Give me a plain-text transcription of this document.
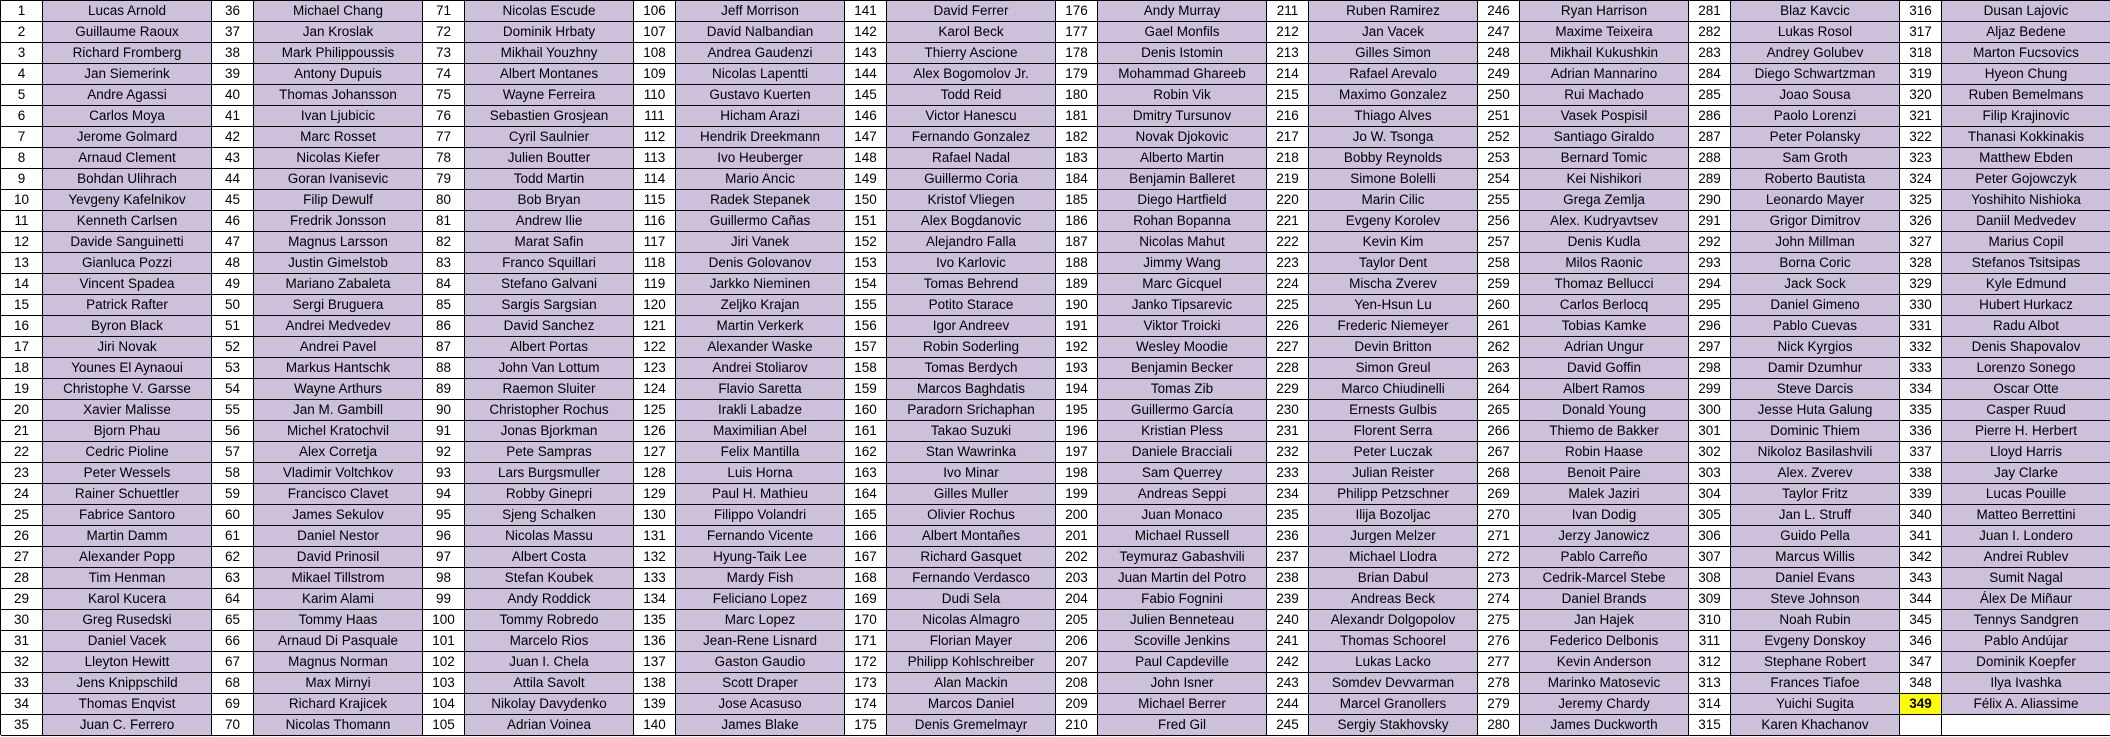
1	Lucas Arnold	36	Michael Chang	71	Nicolas Escude	106	Jeff Morrison	141	David Ferrer	176	Andy Murray	211	Ruben Ramirez	246	Ryan Harrison	281	Blaz Kavcic	316	Dusan Lajovic
2	Guillaume Raoux	37	Jan Kroslak	72	Dominik Hrbaty	107	David Nalbandian	142	Karol Beck	177	Gael Monfils	212	Jan Vacek	247	Maxime Teixeira	282	Lukas Rosol	317	Aljaz Bedene
3	Richard Fromberg	38	Mark Philippoussis	73	Mikhail Youzhny	108	Andrea Gaudenzi	143	Thierry Ascione	178	Denis Istomin	213	Gilles Simon	248	Mikhail Kukushkin	283	Andrey Golubev	318	Marton Fucsovics
4	Jan Siemerink	39	Antony Dupuis	74	Albert Montanes	109	Nicolas Lapentti	144	Alex Bogomolov Jr.	179	Mohammad Ghareeb	214	Rafael Arevalo	249	Adrian Mannarino	284	Diego Schwartzman	319	Hyeon Chung
5	Andre Agassi	40	Thomas Johansson	75	Wayne Ferreira	110	Gustavo Kuerten	145	Todd Reid	180	Robin Vik	215	Maximo Gonzalez	250	Rui Machado	285	Joao Sousa	320	Ruben Bemelmans
6	Carlos Moya	41	Ivan Ljubicic	76	Sebastien Grosjean	111	Hicham Arazi	146	Victor Hanescu	181	Dmitry Tursunov	216	Thiago Alves	251	Vasek Pospisil	286	Paolo Lorenzi	321	Filip Krajinovic
7	Jerome Golmard	42	Marc Rosset	77	Cyril Saulnier	112	Hendrik Dreekmann	147	Fernando Gonzalez	182	Novak Djokovic	217	Jo W. Tsonga	252	Santiago Giraldo	287	Peter Polansky	322	Thanasi Kokkinakis
8	Arnaud Clement	43	Nicolas Kiefer	78	Julien Boutter	113	Ivo Heuberger	148	Rafael Nadal	183	Alberto Martin	218	Bobby Reynolds	253	Bernard Tomic	288	Sam Groth	323	Matthew Ebden
9	Bohdan Ulihrach	44	Goran Ivanisevic	79	Todd Martin	114	Mario Ancic	149	Guillermo Coria	184	Benjamin Balleret	219	Simone Bolelli	254	Kei Nishikori	289	Roberto Bautista	324	Peter Gojowczyk
10	Yevgeny Kafelnikov	45	Filip Dewulf	80	Bob Bryan	115	Radek Stepanek	150	Kristof Vliegen	185	Diego Hartfield	220	Marin Cilic	255	Grega Zemlja	290	Leonardo Mayer	325	Yoshihito Nishioka
11	Kenneth Carlsen	46	Fredrik Jonsson	81	Andrew Ilie	116	Guillermo Cañas	151	Alex Bogdanovic	186	Rohan Bopanna	221	Evgeny Korolev	256	Alex. Kudryavtsev	291	Grigor Dimitrov	326	Daniil Medvedev
12	Davide Sanguinetti	47	Magnus Larsson	82	Marat Safin	117	Jiri Vanek	152	Alejandro Falla	187	Nicolas Mahut	222	Kevin Kim	257	Denis Kudla	292	John Millman	327	Marius Copil
13	Gianluca Pozzi	48	Justin Gimelstob	83	Franco Squillari	118	Denis Golovanov	153	Ivo Karlovic	188	Jimmy Wang	223	Taylor Dent	258	Milos Raonic	293	Borna Coric	328	Stefanos Tsitsipas
14	Vincent Spadea	49	Mariano Zabaleta	84	Stefano Galvani	119	Jarkko Nieminen	154	Tomas Behrend	189	Marc Gicquel	224	Mischa Zverev	259	Thomaz Bellucci	294	Jack Sock	329	Kyle Edmund
15	Patrick Rafter	50	Sergi Bruguera	85	Sargis Sargsian	120	Zeljko Krajan	155	Potito Starace	190	Janko Tipsarevic	225	Yen-Hsun Lu	260	Carlos Berlocq	295	Daniel Gimeno	330	Hubert Hurkacz
16	Byron Black	51	Andrei Medvedev	86	David Sanchez	121	Martin Verkerk	156	Igor Andreev	191	Viktor Troicki	226	Frederic Niemeyer	261	Tobias Kamke	296	Pablo Cuevas	331	Radu Albot
17	Jiri Novak	52	Andrei Pavel	87	Albert Portas	122	Alexander Waske	157	Robin Soderling	192	Wesley Moodie	227	Devin Britton	262	Adrian Ungur	297	Nick Kyrgios	332	Denis Shapovalov
18	Younes El Aynaoui	53	Markus Hantschk	88	John Van Lottum	123	Andrei Stoliarov	158	Tomas Berdych	193	Benjamin Becker	228	Simon Greul	263	David Goffin	298	Damir Dzumhur	333	Lorenzo Sonego
19	Christophe V. Garsse	54	Wayne Arthurs	89	Raemon Sluiter	124	Flavio Saretta	159	Marcos Baghdatis	194	Tomas Zib	229	Marco Chiudinelli	264	Albert Ramos	299	Steve Darcis	334	Oscar Otte
20	Xavier Malisse	55	Jan M. Gambill	90	Christopher Rochus	125	Irakli Labadze	160	Paradorn Srichaphan	195	Guillermo García	230	Ernests Gulbis	265	Donald Young	300	Jesse Huta Galung	335	Casper Ruud
21	Bjorn Phau	56	Michel Kratochvil	91	Jonas Bjorkman	126	Maximilian Abel	161	Takao Suzuki	196	Kristian Pless	231	Florent Serra	266	Thiemo de Bakker	301	Dominic Thiem	336	Pierre H. Herbert
22	Cedric Pioline	57	Alex Corretja	92	Pete Sampras	127	Felix Mantilla	162	Stan Wawrinka	197	Daniele Bracciali	232	Peter Luczak	267	Robin Haase	302	Nikoloz Basilashvili	337	Lloyd Harris
23	Peter Wessels	58	Vladimir Voltchkov	93	Lars Burgsmuller	128	Luis Horna	163	Ivo Minar	198	Sam Querrey	233	Julian Reister	268	Benoit Paire	303	Alex. Zverev	338	Jay Clarke
24	Rainer Schuettler	59	Francisco Clavet	94	Robby Ginepri	129	Paul H. Mathieu	164	Gilles Muller	199	Andreas Seppi	234	Philipp Petzschner	269	Malek Jaziri	304	Taylor Fritz	339	Lucas Pouille
25	Fabrice Santoro	60	James Sekulov	95	Sjeng Schalken	130	Filippo Volandri	165	Olivier Rochus	200	Juan Monaco	235	Ilija Bozoljac	270	Ivan Dodig	305	Jan L. Struff	340	Matteo Berrettini
26	Martin Damm	61	Daniel Nestor	96	Nicolas Massu	131	Fernando Vicente	166	Albert Montañes	201	Michael Russell	236	Jurgen Melzer	271	Jerzy Janowicz	306	Guido Pella	341	Juan I. Londero
27	Alexander Popp	62	David Prinosil	97	Albert Costa	132	Hyung-Taik Lee	167	Richard Gasquet	202	Teymuraz Gabashvili	237	Michael Llodra	272	Pablo Carreño	307	Marcus Willis	342	Andrei Rublev
28	Tim Henman	63	Mikael Tillstrom	98	Stefan Koubek	133	Mardy Fish	168	Fernando Verdasco	203	Juan Martin del Potro	238	Brian Dabul	273	Cedrik-Marcel Stebe	308	Daniel Evans	343	Sumit Nagal
29	Karol Kucera	64	Karim Alami	99	Andy Roddick	134	Feliciano Lopez	169	Dudi Sela	204	Fabio Fognini	239	Andreas Beck	274	Daniel Brands	309	Steve Johnson	344	Álex De Miñaur
30	Greg Rusedski	65	Tommy Haas	100	Tommy Robredo	135	Marc Lopez	170	Nicolas Almagro	205	Julien Benneteau	240	Alexandr Dolgopolov	275	Jan Hajek	310	Noah Rubin	345	Tennys Sandgren
31	Daniel Vacek	66	Arnaud Di Pasquale	101	Marcelo Rios	136	Jean-Rene Lisnard	171	Florian Mayer	206	Scoville Jenkins	241	Thomas Schoorel	276	Federico Delbonis	311	Evgeny Donskoy	346	Pablo Andújar
32	Lleyton Hewitt	67	Magnus Norman	102	Juan I. Chela	137	Gaston Gaudio	172	Philipp Kohlschreiber	207	Paul Capdeville	242	Lukas Lacko	277	Kevin Anderson	312	Stephane Robert	347	Dominik Koepfer
33	Jens Knippschild	68	Max Mirnyi	103	Attila Savolt	138	Scott Draper	173	Alan Mackin	208	John Isner	243	Somdev Devvarman	278	Marinko Matosevic	313	Frances Tiafoe	348	Ilya Ivashka
34	Thomas Enqvist	69	Richard Krajicek	104	Nikolay Davydenko	139	Jose Acasuso	174	Marcos Daniel	209	Michael Berrer	244	Marcel Granollers	279	Jeremy Chardy	314	Yuichi Sugita	349	Félix A. Aliassime
35	Juan C. Ferrero	70	Nicolas Thomann	105	Adrian Voinea	140	James Blake	175	Denis Gremelmayr	210	Fred Gil	245	Sergiy Stakhovsky	280	James Duckworth	315	Karen Khachanov
